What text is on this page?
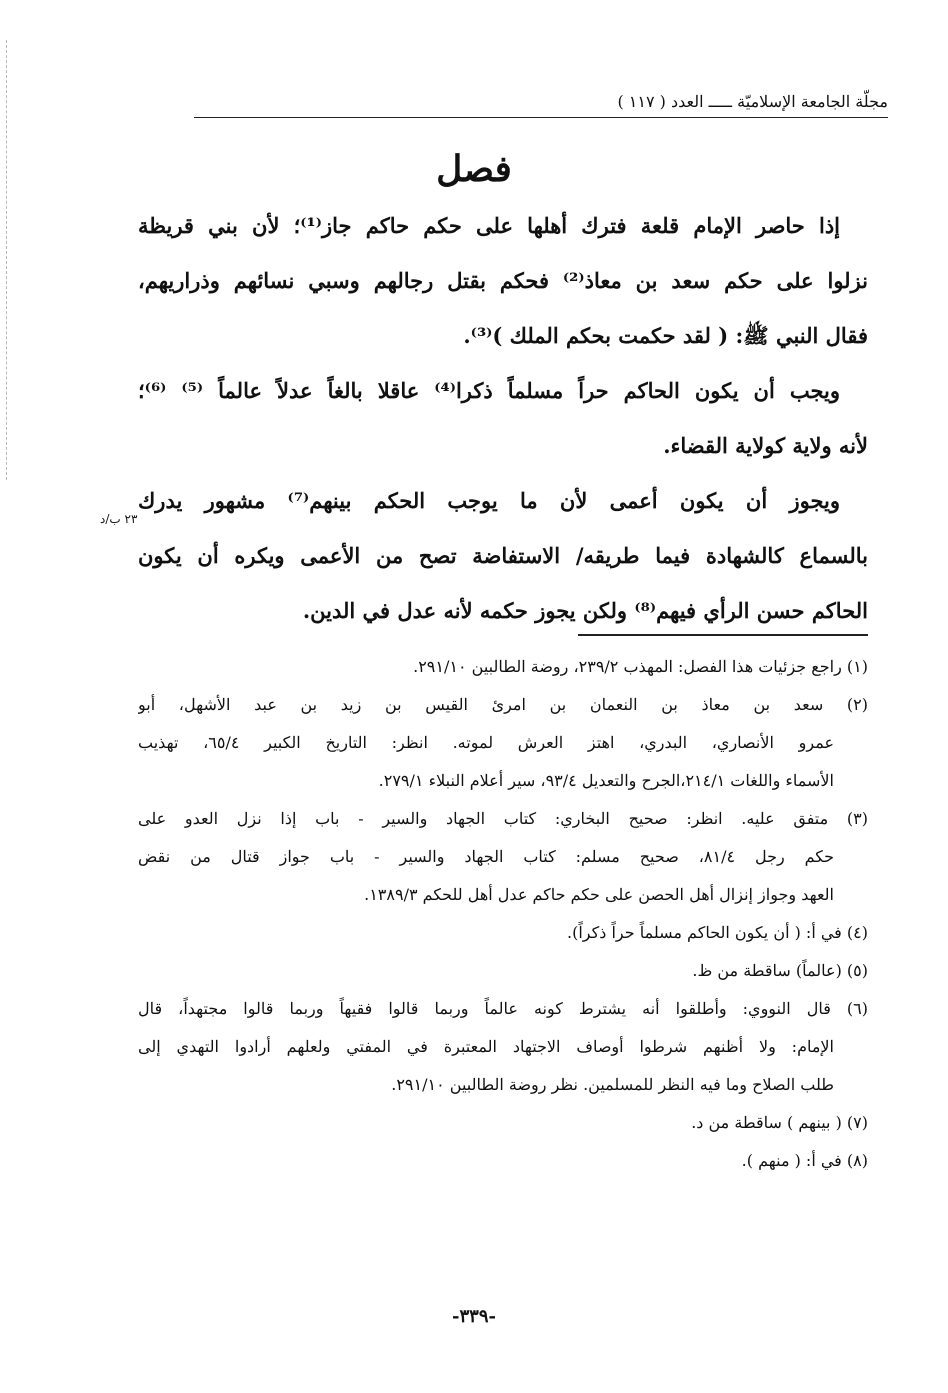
مجلّة الجامعة الإسلاميّة ـــــ العدد ( ١١٧ )
فصل
إذا حاصر الإمام قلعة فترك أهلها على حكم حاكم جاز⁽¹⁾؛ لأن بني قريظة
نزلوا على حكم سعد بن معاذ⁽²⁾ فحكم بقتل رجالهم وسبي نسائهم وذراريهم،
فقال النبي ﷺ: ( لقد حكمت بحكم الملك )⁽³⁾.
ويجب أن يكون الحاكم حراً مسلماً ذكرا⁽⁴⁾ عاقلا بالغاً عدلاً عالماً ⁽⁵⁾ ⁽⁶⁾؛
لأنه ولاية كولاية القضاء.
ويجوز أن يكون أعمى لأن ما يوجب الحكم بينهم⁽⁷⁾ مشهور يدرك
بالسماع كالشهادة فيما طريقه/ الاستفاضة تصح من الأعمى ويكره أن يكون
الحاكم حسن الرأي فيهم⁽⁸⁾ ولكن يجوز حكمه لأنه عدل في الدين.
٢٣ ب/د
(١) راجع جزئيات هذا الفصل: المهذب ٢٣٩/٢، روضة الطالبين ٢٩١/١٠.
(٢) سعد بن معاذ بن النعمان بن امرئ القيس بن زيد بن عبد الأشهل، أبو
عمرو الأنصاري، البدري، اهتز العرش لموته. انظر: التاريخ الكبير ٦٥/٤، تهذيب
الأسماء واللغات ٢١٤/١،الجرح والتعديل ٩٣/٤، سير أعلام النبلاء ٢٧٩/١.
(٣) متفق عليه. انظر: صحيح البخاري: كتاب الجهاد والسير - باب إذا نزل العدو على
حكم رجل ٨١/٤، صحيح مسلم: كتاب الجهاد والسير - باب جواز قتال من نقض
العهد وجواز إنزال أهل الحصن على حكم حاكم عدل أهل للحكم ١٣٨٩/٣.
(٤) في أ: ( أن يكون الحاكم مسلماً حراً ذكراً).
(٥) (عالماً) ساقطة من ظ.
(٦) قال النووي: وأطلقوا أنه يشترط كونه عالماً وربما قالوا فقيهاً وربما قالوا مجتهداً، قال
الإمام: ولا أظنهم شرطوا أوصاف الاجتهاد المعتبرة في المفتي ولعلهم أرادوا التهدي إلى
طلب الصلاح وما فيه النظر للمسلمين. نظر روضة الطالبين ٢٩١/١٠.
(٧) ( بينهم ) ساقطة من د.
(٨) في أ: ( منهم ).
-٣٣٩-
